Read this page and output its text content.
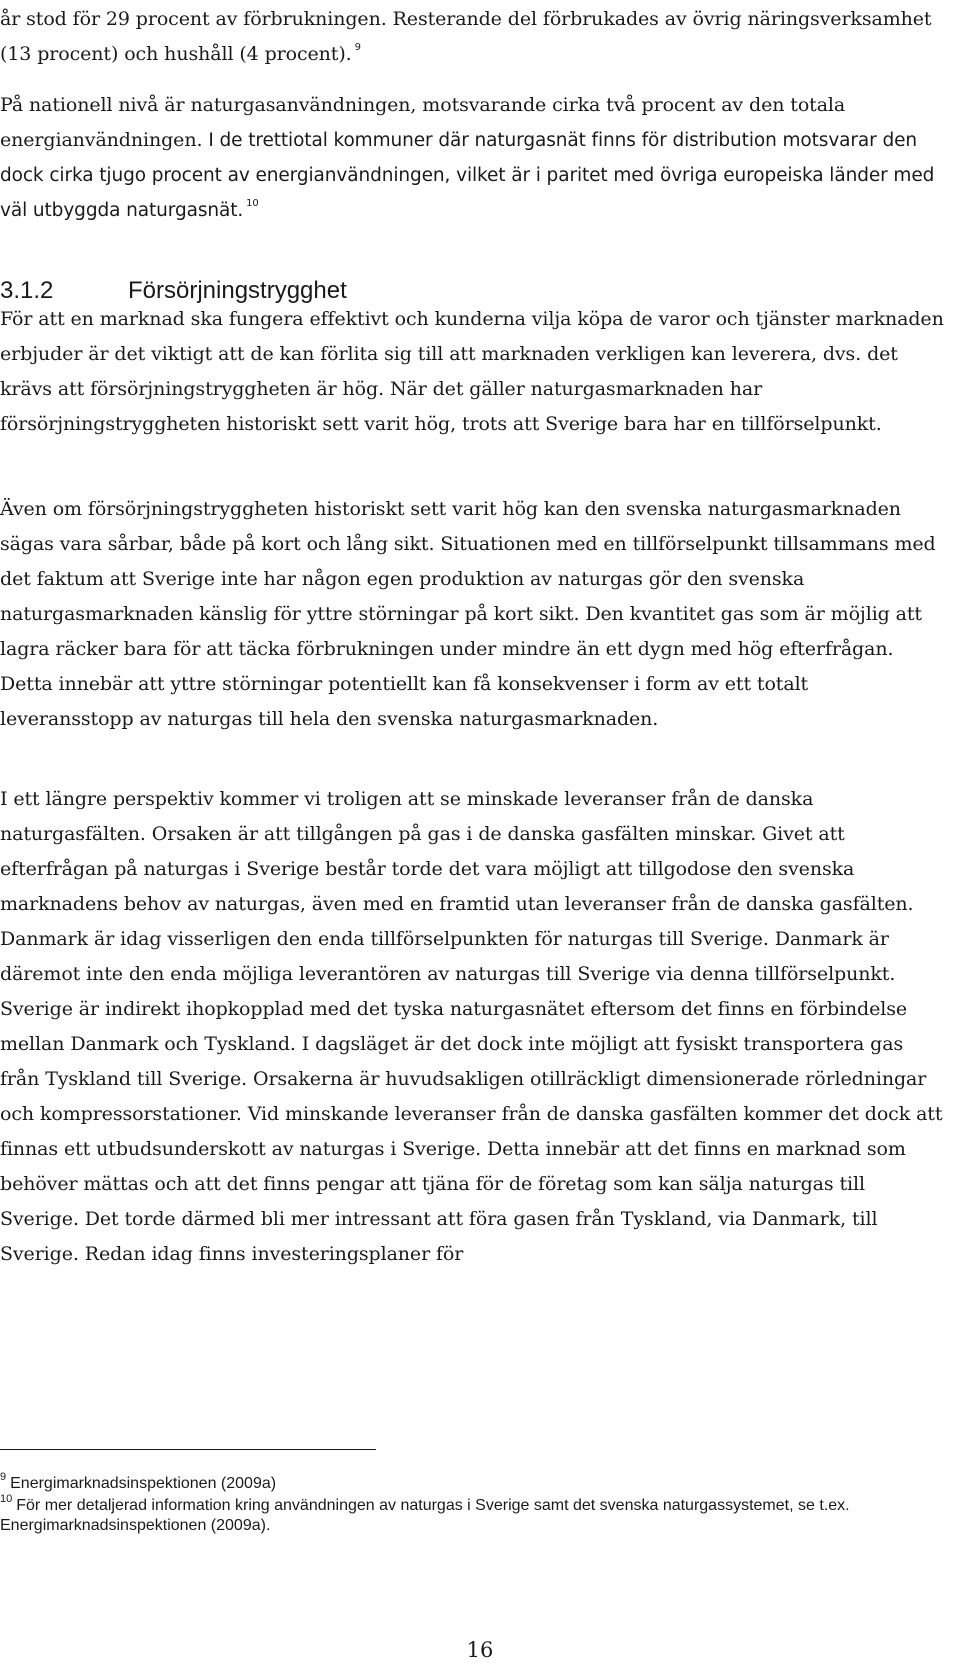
år stod för 29 procent av förbrukningen. Resterande del förbrukades av övrig näringsverksamhet (13 procent) och hushåll (4 procent). $^9$

På nationell nivå är naturgasanvändningen, motsvarande cirka två procent av den totala energianvändningen. I de trettiotal kommuner där naturgasnät finns för distribution motsvarar den dock cirka tjugo procent av energianvändningen, vilket är i paritet med övriga europeiska länder med väl utbyggda naturgasnät. $^{10}$

3.1.2	Försörjningstrygghet

För att en marknad ska fungera effektivt och kunderna vilja köpa de varor och tjänster marknaden erbjuder är det viktigt att de kan förlita sig till att marknaden verkligen kan leverera, dvs. det krävs att försörjningstryggheten är hög. När det gäller naturgasmarknaden har försörjningstryggheten historiskt sett varit hög, trots att Sverige bara har en tillförselpunkt.

Även om försörjningstryggheten historiskt sett varit hög kan den svenska naturgasmarknaden sägas vara sårbar, både på kort och lång sikt. Situationen med en tillförselpunkt tillsammans med det faktum att Sverige inte har någon egen produktion av naturgas gör den svenska naturgasmarknaden känslig för yttre störningar på kort sikt. Den kvantitet gas som är möjlig att lagra räcker bara för att täcka förbrukningen under mindre än ett dygn med hög efterfrågan. Detta innebär att yttre störningar potentiellt kan få konsekvenser i form av ett totalt leveransstopp av naturgas till hela den svenska naturgasmarknaden.

I ett längre perspektiv kommer vi troligen att se minskade leveranser från de danska naturgasfälten. Orsaken är att tillgången på gas i de danska gasfälten minskar. Givet att efterfrågan på naturgas i Sverige består torde det vara möjligt att tillgodose den svenska marknadens behov av naturgas, även med en framtid utan leveranser från de danska gasfälten. Danmark är idag visserligen den enda tillförselpunkten för naturgas till Sverige. Danmark är däremot inte den enda möjliga leverantören av naturgas till Sverige via denna tillförselpunkt. Sverige är indirekt ihopkopplad med det tyska naturgasnätet eftersom det finns en förbindelse mellan Danmark och Tyskland. I dagsläget är det dock inte möjligt att fysiskt transportera gas från Tyskland till Sverige. Orsakerna är huvudsakligen otillräckligt dimensionerade rörledningar och kompressorstationer. Vid minskande leveranser från de danska gasfälten kommer det dock att finnas ett utbudsunderskott av naturgas i Sverige. Detta innebär att det finns en marknad som behöver mättas och att det finns pengar att tjäna för de företag som kan sälja naturgas till Sverige. Det torde därmed bli mer intressant att föra gasen från Tyskland, via Danmark, till Sverige. Redan idag finns investeringsplaner för

$^9$ Energimarknadsinspektionen (2009a)

$^{10}$ För mer detaljerad information kring användningen av naturgas i Sverige samt det svenska naturgassystemet, se t.ex. Energimarknadsinspektionen (2009a).

16
